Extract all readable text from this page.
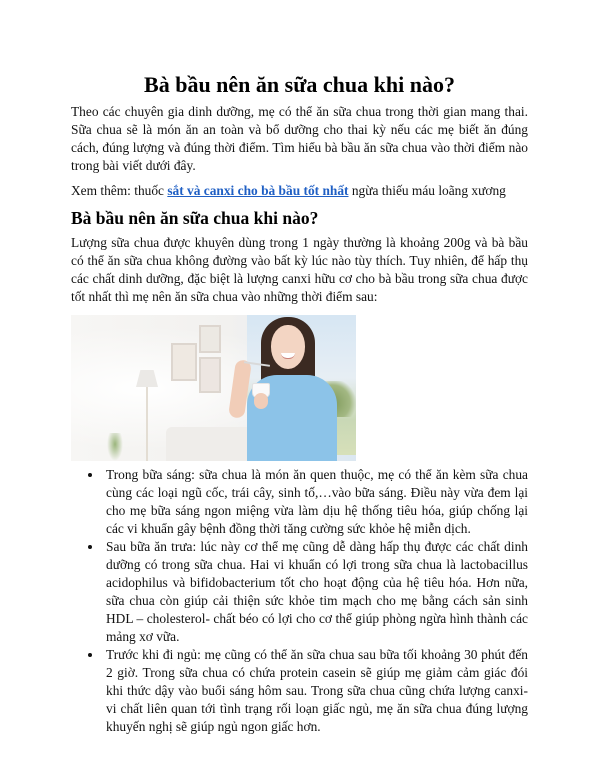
Bà bầu nên ăn sữa chua khi nào?

Theo các chuyên gia dinh dưỡng, mẹ có thể ăn sữa chua trong thời gian mang thai. Sữa chua sẽ là món ăn an toàn và bổ dưỡng cho thai kỳ nếu các mẹ biết ăn đúng cách, đúng lượng và đúng thời điểm. Tìm hiểu bà bầu ăn sữa chua vào thời điểm nào trong bài viết dưới đây.

Xem thêm: thuốc sắt và canxi cho bà bầu tốt nhất ngừa thiếu máu loãng xương

Bà bầu nên ăn sữa chua khi nào?

Lượng sữa chua được khuyên dùng trong 1 ngày thường là khoảng 200g và bà bầu có thể ăn sữa chua không đường vào bất kỳ lúc nào tùy thích. Tuy nhiên, để hấp thụ các chất dinh dưỡng, đặc biệt là lượng canxi hữu cơ cho bà bầu trong sữa chua được tốt nhất thì mẹ nên ăn sữa chua vào những thời điểm sau:

Trong bữa sáng: sữa chua là món ăn quen thuộc, mẹ có thể ăn kèm sữa chua cùng các loại ngũ cốc, trái cây, sinh tố,…vào bữa sáng. Điều này vừa đem lại cho mẹ bữa sáng ngon miệng vừa làm dịu hệ thống tiêu hóa, giúp chống lại các vi khuẩn gây bệnh đồng thời tăng cường sức khỏe hệ miễn dịch.
Sau bữa ăn trưa: lúc này cơ thể mẹ cũng dễ dàng hấp thụ được các chất dinh dưỡng có trong sữa chua. Hai vi khuẩn có lợi trong sữa chua là lactobacillus acidophilus và bifidobacterium tốt cho hoạt động của hệ tiêu hóa. Hơn nữa, sữa chua còn giúp cải thiện sức khỏe tim mạch cho mẹ bằng cách sản sinh HDL – cholesterol- chất béo có lợi cho cơ thể giúp phòng ngừa hình thành các mảng xơ vữa.
Trước khi đi ngủ: mẹ cũng có thể ăn sữa chua sau bữa tối khoảng 30 phút đến 2 giờ. Trong sữa chua có chứa protein casein sẽ giúp mẹ giảm cảm giác đói khi thức dậy vào buổi sáng hôm sau. Trong sữa chua cũng chứa lượng canxi- vi chất liên quan tới tình trạng rối loạn giấc ngủ, mẹ ăn sữa chua đúng lượng khuyến nghị sẽ giúp ngủ ngon giấc hơn.
